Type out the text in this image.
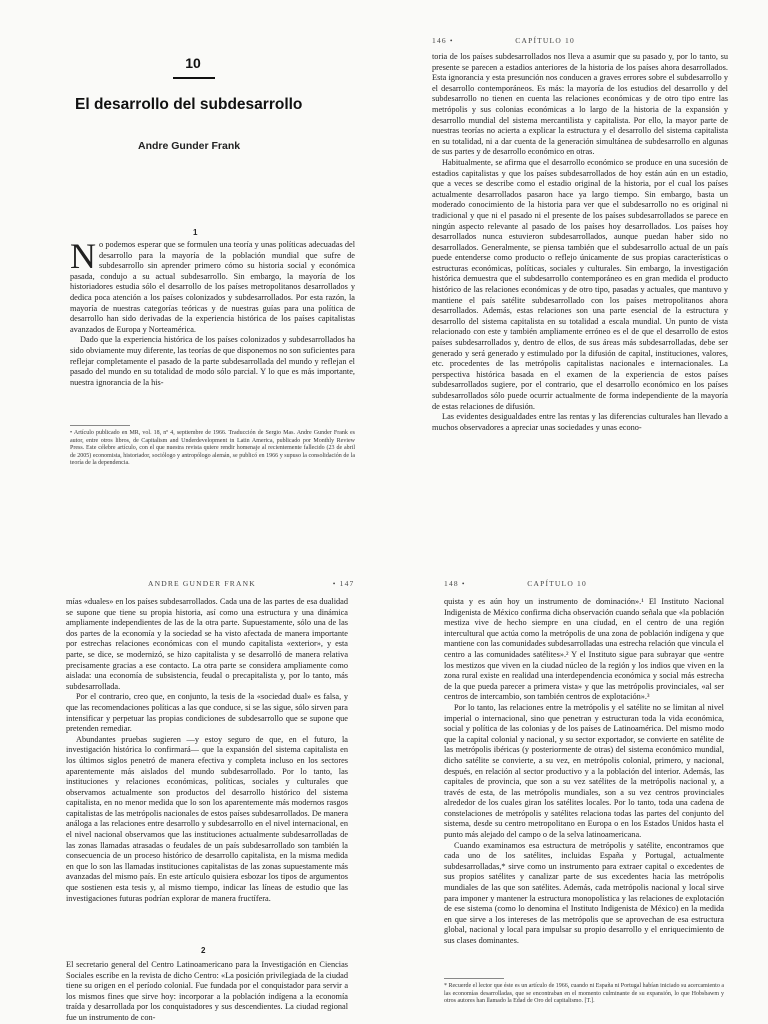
10
El desarrollo del subdesarrollo
Andre Gunder Frank
1

No podemos esperar que se formulen una teoría y unas políticas adecuadas del desarrollo para la mayoría de la población mundial que sufre de subdesarrollo sin aprender primero cómo su historia social y económica pasada, condujo a su actual subdesarrollo. Sin embargo, la mayoría de los historiadores estudia sólo el desarrollo de los países metropolitanos desarrollados y dedica poca atención a los países colonizados y subdesarrollados. Por esta razón, la mayoría de nuestras categorías teóricas y de nuestras guías para una política de desarrollo han sido derivadas de la experiencia histórica de los países capitalistas avanzados de Europa y Norteamérica.

Dado que la experiencia histórica de los países colonizados y subdesarrollados ha sido obviamente muy diferente, las teorías de que disponemos no son suficientes para reflejar completamente el pasado de la parte subdesarrollada del mundo y reflejan el pasado del mundo en su totalidad de modo sólo parcial. Y lo que es más importante, nuestra ignorancia de la his-

• Artículo publicado en MR, vol. 18, nº 4, septiembre de 1966. Traducción de Sergio Mas. Andre Gunder Frank es autor, entre otros libros, de Capitalism and Underdevelopment in Latin America, publicado por Monthly Review Press. Este célebre artículo, con el que nuestra revista quiere rendir homenaje al recientemente fallecido (23 de abril de 2005) economista, historiador, sociólogo y antropólogo alemán, se publicó en 1966 y supuso la consolidación de la teoría de la dependencia.
146 •                    CAPÍTULO 10

toria de los países subdesarrollados nos lleva a asumir que su pasado y, por lo tanto, su presente se parecen a estadios anteriores de la historia de los países ahora desarrollados. Esta ignorancia y esta presunción nos conducen a graves errores sobre el subdesarrollo y el desarrollo contemporáneos. Es más: la mayoría de los estudios del desarrollo y del subdesarrollo no tienen en cuenta las relaciones económicas y de otro tipo entre las metrópolis y sus colonias económicas a lo largo de la historia de la expansión y desarrollo mundial del sistema mercantilista y capitalista. Por ello, la mayor parte de nuestras teorías no acierta a explicar la estructura y el desarrollo del sistema capitalista en su totalidad, ni a dar cuenta de la generación simultánea de subdesarrollo en algunas de sus partes y de desarrollo económico en otras.

Habitualmente, se afirma que el desarrollo económico se produce en una sucesión de estadios capitalistas y que los países subdesarrollados de hoy están aún en un estadio, que a veces se describe como el estadio original de la historia, por el cual los países actualmente desarrollados pasaron hace ya largo tiempo. Sin embargo, basta un moderado conocimiento de la historia para ver que el subdesarrollo no es original ni tradicional y que ni el pasado ni el presente de los países subdesarrollados se parece en ningún aspecto relevante al pasado de los países hoy desarrollados. Los países hoy desarrollados nunca estuvieron subdesarrollados, aunque puedan haber sido no desarrollados. Generalmente, se piensa también que el subdesarrollo actual de un país puede entenderse como producto o reflejo únicamente de sus propias características o estructuras económicas, políticas, sociales y culturales. Sin embargo, la investigación histórica demuestra que el subdesarrollo contemporáneo es en gran medida el producto histórico de las relaciones económicas y de otro tipo, pasadas y actuales, que mantuvo y mantiene el país satélite subdesarrollado con los países metropolitanos ahora desarrollados. Además, estas relaciones son una parte esencial de la estructura y desarrollo del sistema capitalista en su totalidad a escala mundial. Un punto de vista relacionado con este y también ampliamente erróneo es el de que el desarrollo de estos países subdesarrollados y, dentro de ellos, de sus áreas más subdesarrolladas, debe ser generado y será generado y estimulado por la difusión de capital, instituciones, valores, etc. procedentes de las metrópolis capitalistas nacionales e internacionales. La perspectiva histórica basada en el examen de la experiencia de estos países subdesarrollados sugiere, por el contrario, que el desarrollo económico en los países subdesarrollados sólo puede ocurrir actualmente de forma independiente de la mayoría de estas relaciones de difusión.

Las evidentes desigualdades entre las rentas y las diferencias culturales han llevado a muchos observadores a apreciar unas sociedades y unas econo-

ANDRE GUNDER FRANK                         • 147

mías «duales» en los países subdesarrollados. Cada una de las partes de esa dualidad se supone que tiene su propia historia, así como una estructura y una dinámica ampliamente independientes de las de la otra parte. Supuestamente, sólo una de las dos partes de la economía y la sociedad se ha visto afectada de manera importante por estrechas relaciones económicas con el mundo capitalista «exterior», y esta parte, se dice, se modernizó, se hizo capitalista y se desarrolló de manera relativa precisamente gracias a ese contacto. La otra parte se considera ampliamente como aislada: una economía de subsistencia, feudal o precapitalista y, por lo tanto, más subdesarrollada.

Por el contrario, creo que, en conjunto, la tesis de la «sociedad dual» es falsa, y que las recomendaciones políticas a las que conduce, si se las sigue, sólo sirven para intensificar y perpetuar las propias condiciones de subdesarrollo que se supone que pretenden remediar.

Abundantes pruebas sugieren —y estoy seguro de que, en el futuro, la investigación histórica lo confirmará— que la expansión del sistema capitalista en los últimos siglos penetró de manera efectiva y completa incluso en los sectores aparentemente más aislados del mundo subdesarrollado. Por lo tanto, las instituciones y relaciones económicas, políticas, sociales y culturales que observamos actualmente son productos del desarrollo histórico del sistema capitalista, en no menor medida que lo son los aparentemente más modernos rasgos capitalistas de las metrópolis nacionales de estos países subdesarrollados. De manera análoga a las relaciones entre desarrollo y subdesarrollo en el nivel internacional, en el nivel nacional observamos que las instituciones actualmente subdesarrolladas de las zonas llamadas atrasadas o feudales de un país subdesarrollado son también la consecuencia de un proceso histórico de desarrollo capitalista, en la misma medida en que lo son las llamadas instituciones capitalistas de las zonas supuestamente más avanzadas del mismo país. En este artículo quisiera esbozar los tipos de argumentos que sostienen esta tesis y, al mismo tiempo, indicar las líneas de estudio que las investigaciones futuras podrían explorar de manera fructífera.

2

El secretario general del Centro Latinoamericano para la Investigación en Ciencias Sociales escribe en la revista de dicho Centro: «La posición privilegiada de la ciudad tiene su origen en el período colonial. Fue fundada por el conquistador para servir a los mismos fines que sirve hoy: incorporar a la población indígena a la economía traída y desarrollada por los conquistadores y sus descendientes. La ciudad regional fue un instrumento de con-

148 •                    CAPÍTULO 10

quista y es aún hoy un instrumento de dominación».¹ El Instituto Nacional Indigenista de México confirma dicha observación cuando señala que «la población mestiza vive de hecho siempre en una ciudad, en el centro de una región intercultural que actúa como la metrópolis de una zona de población indígena y que mantiene con las comunidades subdesarrolladas una estrecha relación que vincula el centro a las comunidades satélites».² Y el Instituto sigue para subrayar que «entre los mestizos que viven en la ciudad núcleo de la región y los indios que viven en la zona rural existe en realidad una interdependencia económica y social más estrecha de la que pueda parecer a primera vista» y que las metrópolis provinciales, «al ser centros de intercambio, son también centros de explotación».³

Por lo tanto, las relaciones entre la metrópolis y el satélite no se limitan al nivel imperial o internacional, sino que penetran y estructuran toda la vida económica, social y política de las colonias y de los países de Latinoamérica. Del mismo modo que la capital colonial y nacional, y su sector exportador, se convierte en satélite de las metrópolis ibéricas (y posteriormente de otras) del sistema económico mundial, dicho satélite se convierte, a su vez, en metrópolis colonial, primero, y nacional, después, en relación al sector productivo y a la población del interior. Además, las capitales de provincia, que son a su vez satélites de la metrópolis nacional y, a través de esta, de las metrópolis mundiales, son a su vez centros provinciales alrededor de los cuales giran los satélites locales. Por lo tanto, toda una cadena de constelaciones de metrópolis y satélites relaciona todas las partes del conjunto del sistema, desde su centro metropolitano en Europa o en los Estados Unidos hasta el punto más alejado del campo o de la selva latinoamericana.

Cuando examinamos esa estructura de metrópolis y satélite, encontramos que cada uno de los satélites, incluidas España y Portugal, actualmente subdesarrolladas,* sirve como un instrumento para extraer capital o excedentes de sus propios satélites y canalizar parte de sus excedentes hacia las metrópolis mundiales de las que son satélites. Además, cada metrópolis nacional y local sirve para imponer y mantener la estructura monopolística y las relaciones de explotación de ese sistema (como lo denomina el Instituto Indigenista de México) en la medida en que sirve a los intereses de las metrópolis que se aprovechan de esa estructura global, nacional y local para impulsar su propio desarrollo y el enriquecimiento de sus clases dominantes.

* Recuerde el lector que éste es un artículo de 1966, cuando ni España ni Portugal habían iniciado su acercamiento a las economías desarrolladas, que se encontraban en el momento culminante de su expansión, lo que Hobsbawm y otros autores han llamado la Edad de Oro del capitalismo. [T.].
